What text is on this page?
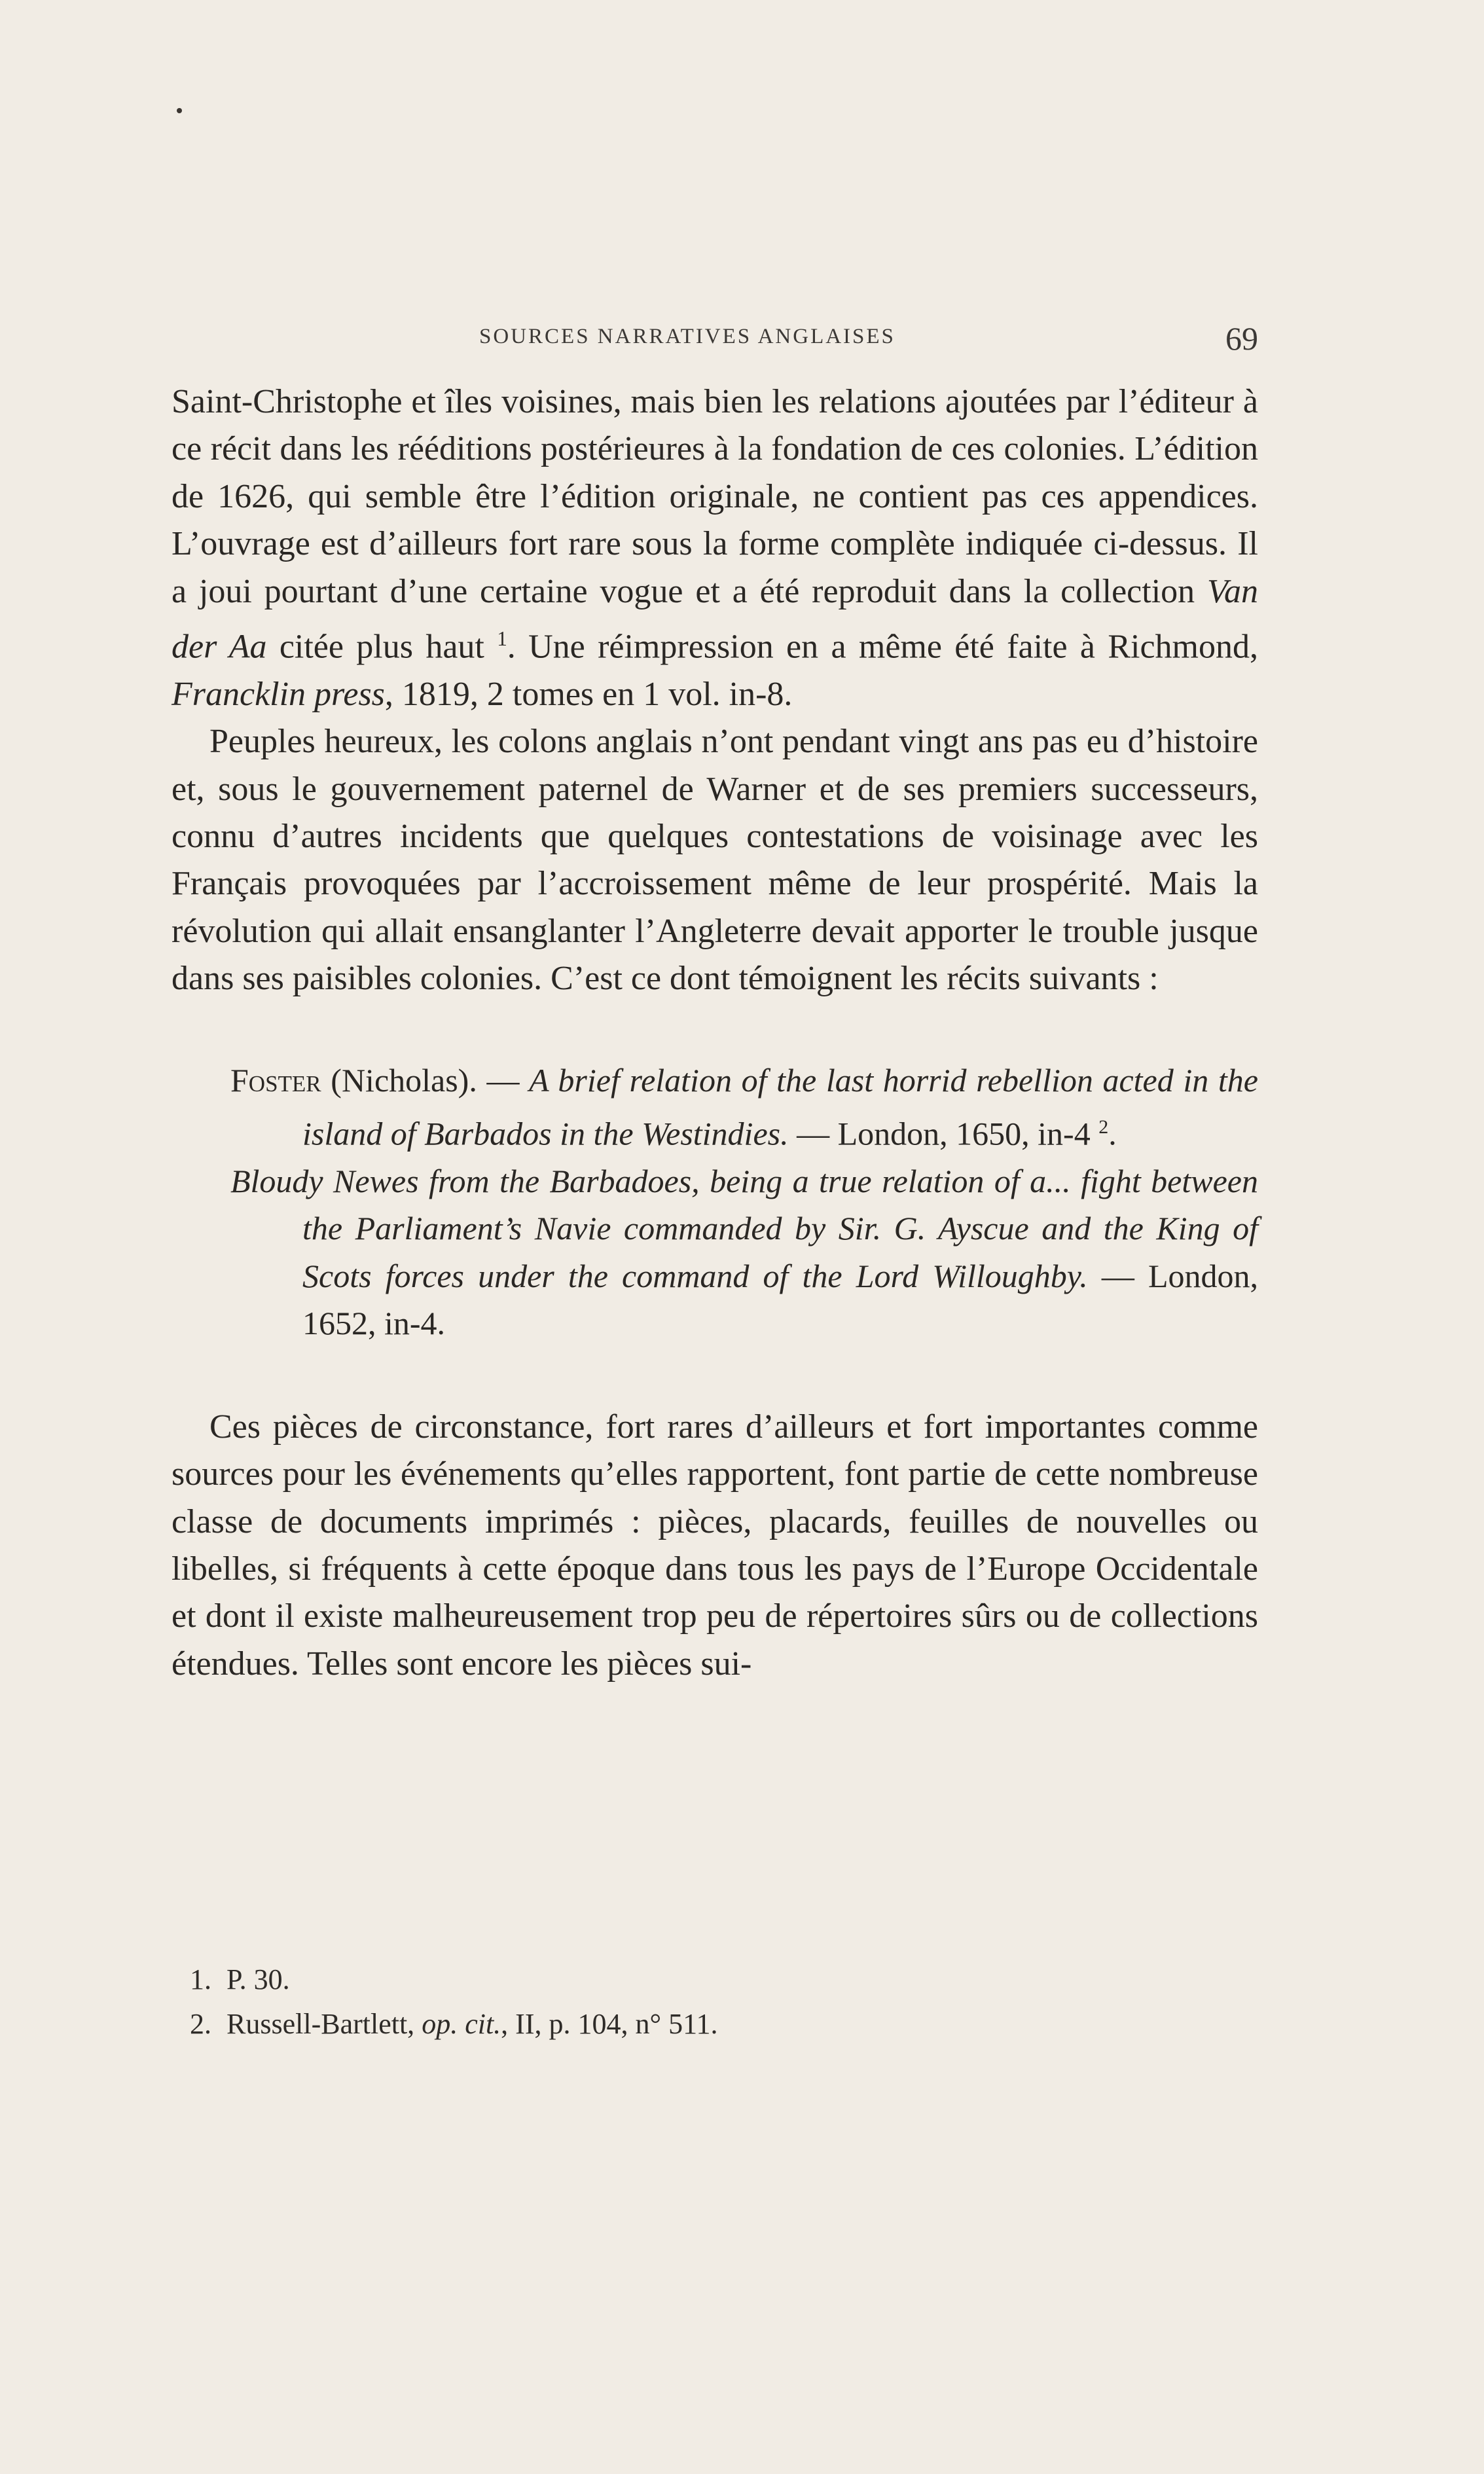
SOURCES NARRATIVES ANGLAISES	69

Saint-Christophe et îles voisines, mais bien les relations ajoutées par l’éditeur à ce récit dans les rééditions postérieures à la fondation de ces colonies. L’édition de 1626, qui semble être l’édition originale, ne contient pas ces appendices. L’ouvrage est d’ailleurs fort rare sous la forme complète indiquée ci-dessus. Il a joui pourtant d’une certaine vogue et a été reproduit dans la collection Van der Aa citée plus haut $^1$. Une réimpression en a même été faite à Richmond, Francklin press, 1819, 2 tomes en 1 vol. in-8.

Peuples heureux, les colons anglais n’ont pendant vingt ans pas eu d’histoire et, sous le gouvernement paternel de Warner et de ses premiers successeurs, connu d’autres incidents que quelques contestations de voisinage avec les Français provoquées par l’accroissement même de leur prospérité. Mais la révolution qui allait ensanglanter l’Angleterre devait apporter le trouble jusque dans ses paisibles colonies. C’est ce dont témoignent les récits suivants :

Foster (Nicholas). — A brief relation of the last horrid rebellion acted in the island of Barbados in the Westindies. — London, 1650, in-4 $^2$.

Bloudy Newes from the Barbadoes, being a true relation of a... fight between the Parliament’s Navie commanded by Sir. G. Ayscue and the King of Scots forces under the command of the Lord Willoughby. — London, 1652, in-4.

Ces pièces de circonstance, fort rares d’ailleurs et fort importantes comme sources pour les événements qu’elles rapportent, font partie de cette nombreuse classe de documents imprimés : pièces, placards, feuilles de nouvelles ou libelles, si fréquents à cette époque dans tous les pays de l’Europe Occidentale et dont il existe malheureusement trop peu de répertoires sûrs ou de collections étendues. Telles sont encore les pièces sui-

1. P. 30.

2. Russell-Bartlett, op. cit., II, p. 104, n° 511.
